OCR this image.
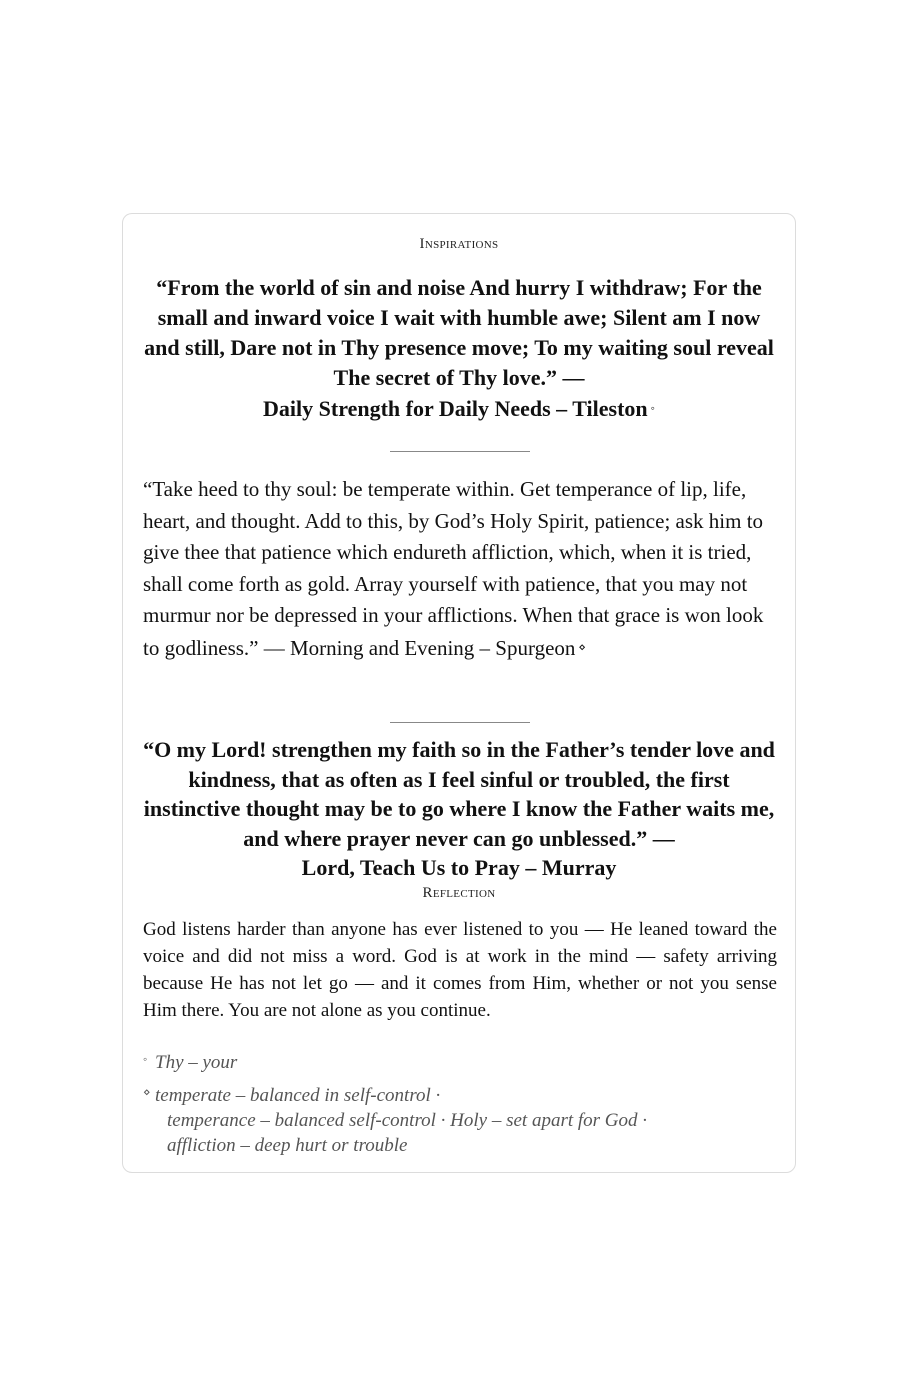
Inspirations
“From the world of sin and noise And hurry I withdraw; For the small and inward voice I wait with humble awe; Silent am I now and still, Dare not in Thy presence move; To my waiting soul reveal The secret of Thy love.” —
Daily Strength for Daily Needs – Tileston ◦
“Take heed to thy soul: be temperate within. Get temperance of lip, life, heart, and thought. Add to this, by God’s Holy Spirit, patience; ask him to give thee that patience which endureth affliction, which, when it is tried, shall come forth as gold. Array yourself with patience, that you may not murmur nor be depressed in your afflictions. When that grace is won look to godliness.” — Morning and Evening – Spurgeon ⋄
“O my Lord! strengthen my faith so in the Father’s tender love and kindness, that as often as I feel sinful or troubled, the first instinctive thought may be to go where I know the Father waits me, and where prayer never can go unblessed.” —
Lord, Teach Us to Pray – Murray
Reflection
God listens harder than anyone has ever listened to you — He leaned toward the voice and did not miss a word. God is at work in the mind — safety arriving because He has not let go — and it comes from Him, whether or not you sense Him there. You are not alone as you continue.
◦ Thy – your
⋄ temperate – balanced in self-control ·
temperance – balanced self-control · Holy – set apart for God ·
affliction – deep hurt or trouble
